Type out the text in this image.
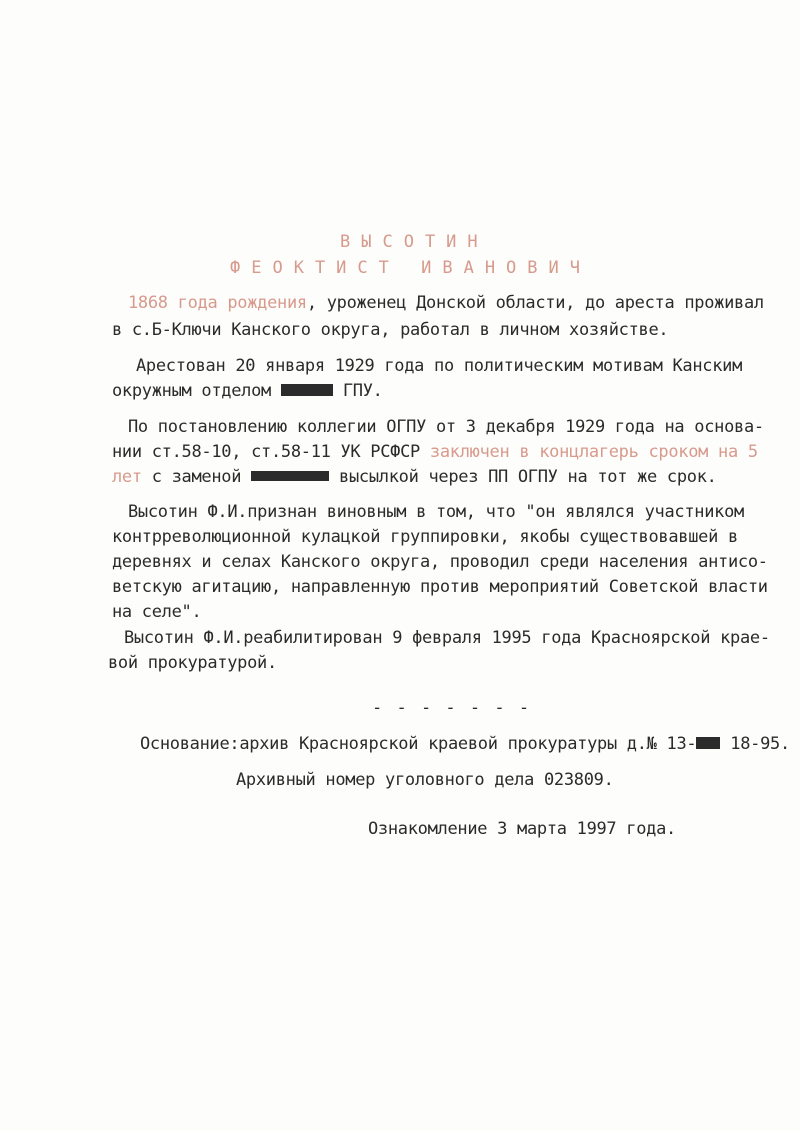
ВЫСОТИН
ФЕОКТИСТ ИВАНОВИЧ
1868 года рождения, уроженец Донской области, до ареста проживал
в с.Б-Ключи Канского округа, работал в личном хозяйстве.
Арестован 20 января 1929 года по политическим мотивам Канским
окружным отделом	ГПУ.
По постановлению коллегии ОГПУ от 3 декабря 1929 года на основа-
нии ст.58-10, ст.58-11 УК РСФСР заключен в концлагерь сроком на 5
лет с заменой	высылкой через ПП ОГПУ на тот же срок.
Высотин Ф.И.признан виновным в том, что "он являлся участником
контрреволюционной кулацкой группировки, якобы существовавшей в
деревнях и селах Канского округа, проводил среди населения антисо-
ветскую агитацию, направленную против мероприятий Советской власти
на селе".
Высотин Ф.И.реабилитирован 9 февраля 1995 года Красноярской крае-
вой прокуратурой.
- - - - - - -
Основание:архив Красноярской краевой прокуратуры д.№ 13- 18-95.
Архивный номер уголовного дела 023809.
Ознакомление 3 марта 1997 года.
